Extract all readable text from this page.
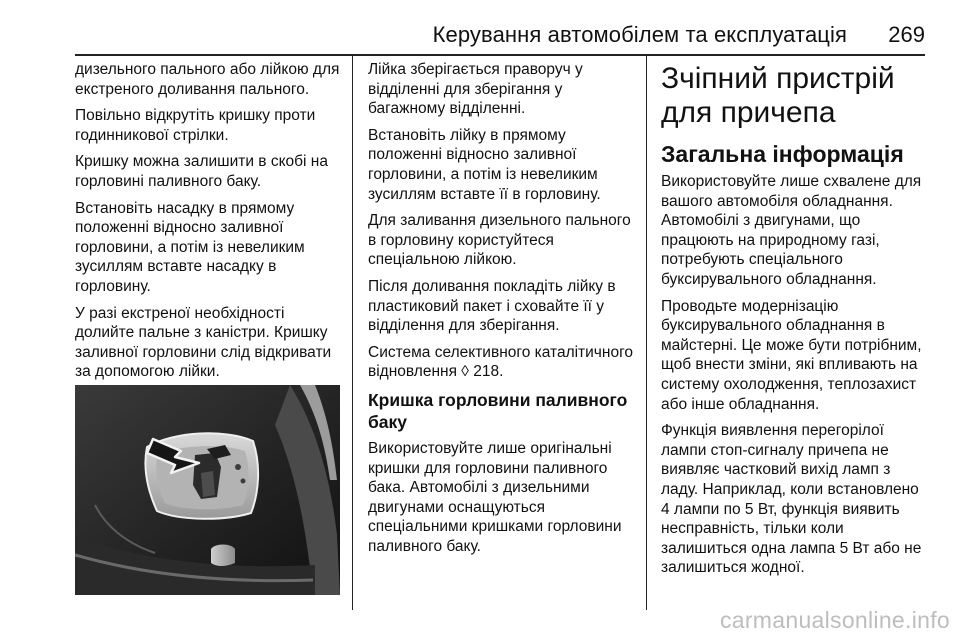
Керування автомобілем та експлуатація 269

дизельного пального або лійкою для екстреного доливання пального.

Повільно відкрутіть кришку проти годинникової стрілки.

Кришку можна залишити в скобі на горловині паливного баку.

Встановіть насадку в прямому положенні відносно заливної горловини, а потім із невеликим зусиллям вставте насадку в горловину.

У разі екстреної необхідності долийте пальне з каністри. Кришку заливної горловини слід відкривати за допомогою лійки.

Лійка зберігається праворуч у відділенні для зберігання у багажному відділенні.

Встановіть лійку в прямому положенні відносно заливної горловини, а потім із невеликим зусиллям вставте її в горловину.

Для заливання дизельного пального в горловину користуйтеся спеціальною лійкою.

Після доливання покладіть лійку в пластиковий пакет і сховайте її у відділення для зберігання.

Система селективного каталітичного відновлення ◊ 218.

Кришка горловини паливного баку

Використовуйте лише оригінальні кришки для горловини паливного бака. Автомобілі з дизельними двигунами оснащуються спеціальними кришками горловини паливного баку.

Зчіпний пристрій для причепа
Загальна інформація

Використовуйте лише схвалене для вашого автомобіля обладнання. Автомобілі з двигунами, що працюють на природному газі, потребують спеціального буксирувального обладнання.

Проводьте модернізацію буксирувального обладнання в майстерні. Це може бути потрібним, щоб внести зміни, які впливають на систему охолодження, теплозахист або інше обладнання.

Функція виявлення перегорілої лампи стоп-сигналу причепа не виявляє частковий вихід ламп з ладу. Наприклад, коли встановлено 4 лампи по 5 Вт, функція виявить несправність, тільки коли залишиться одна лампа 5 Вт або не залишиться жодної.

carmanualsonline.info
